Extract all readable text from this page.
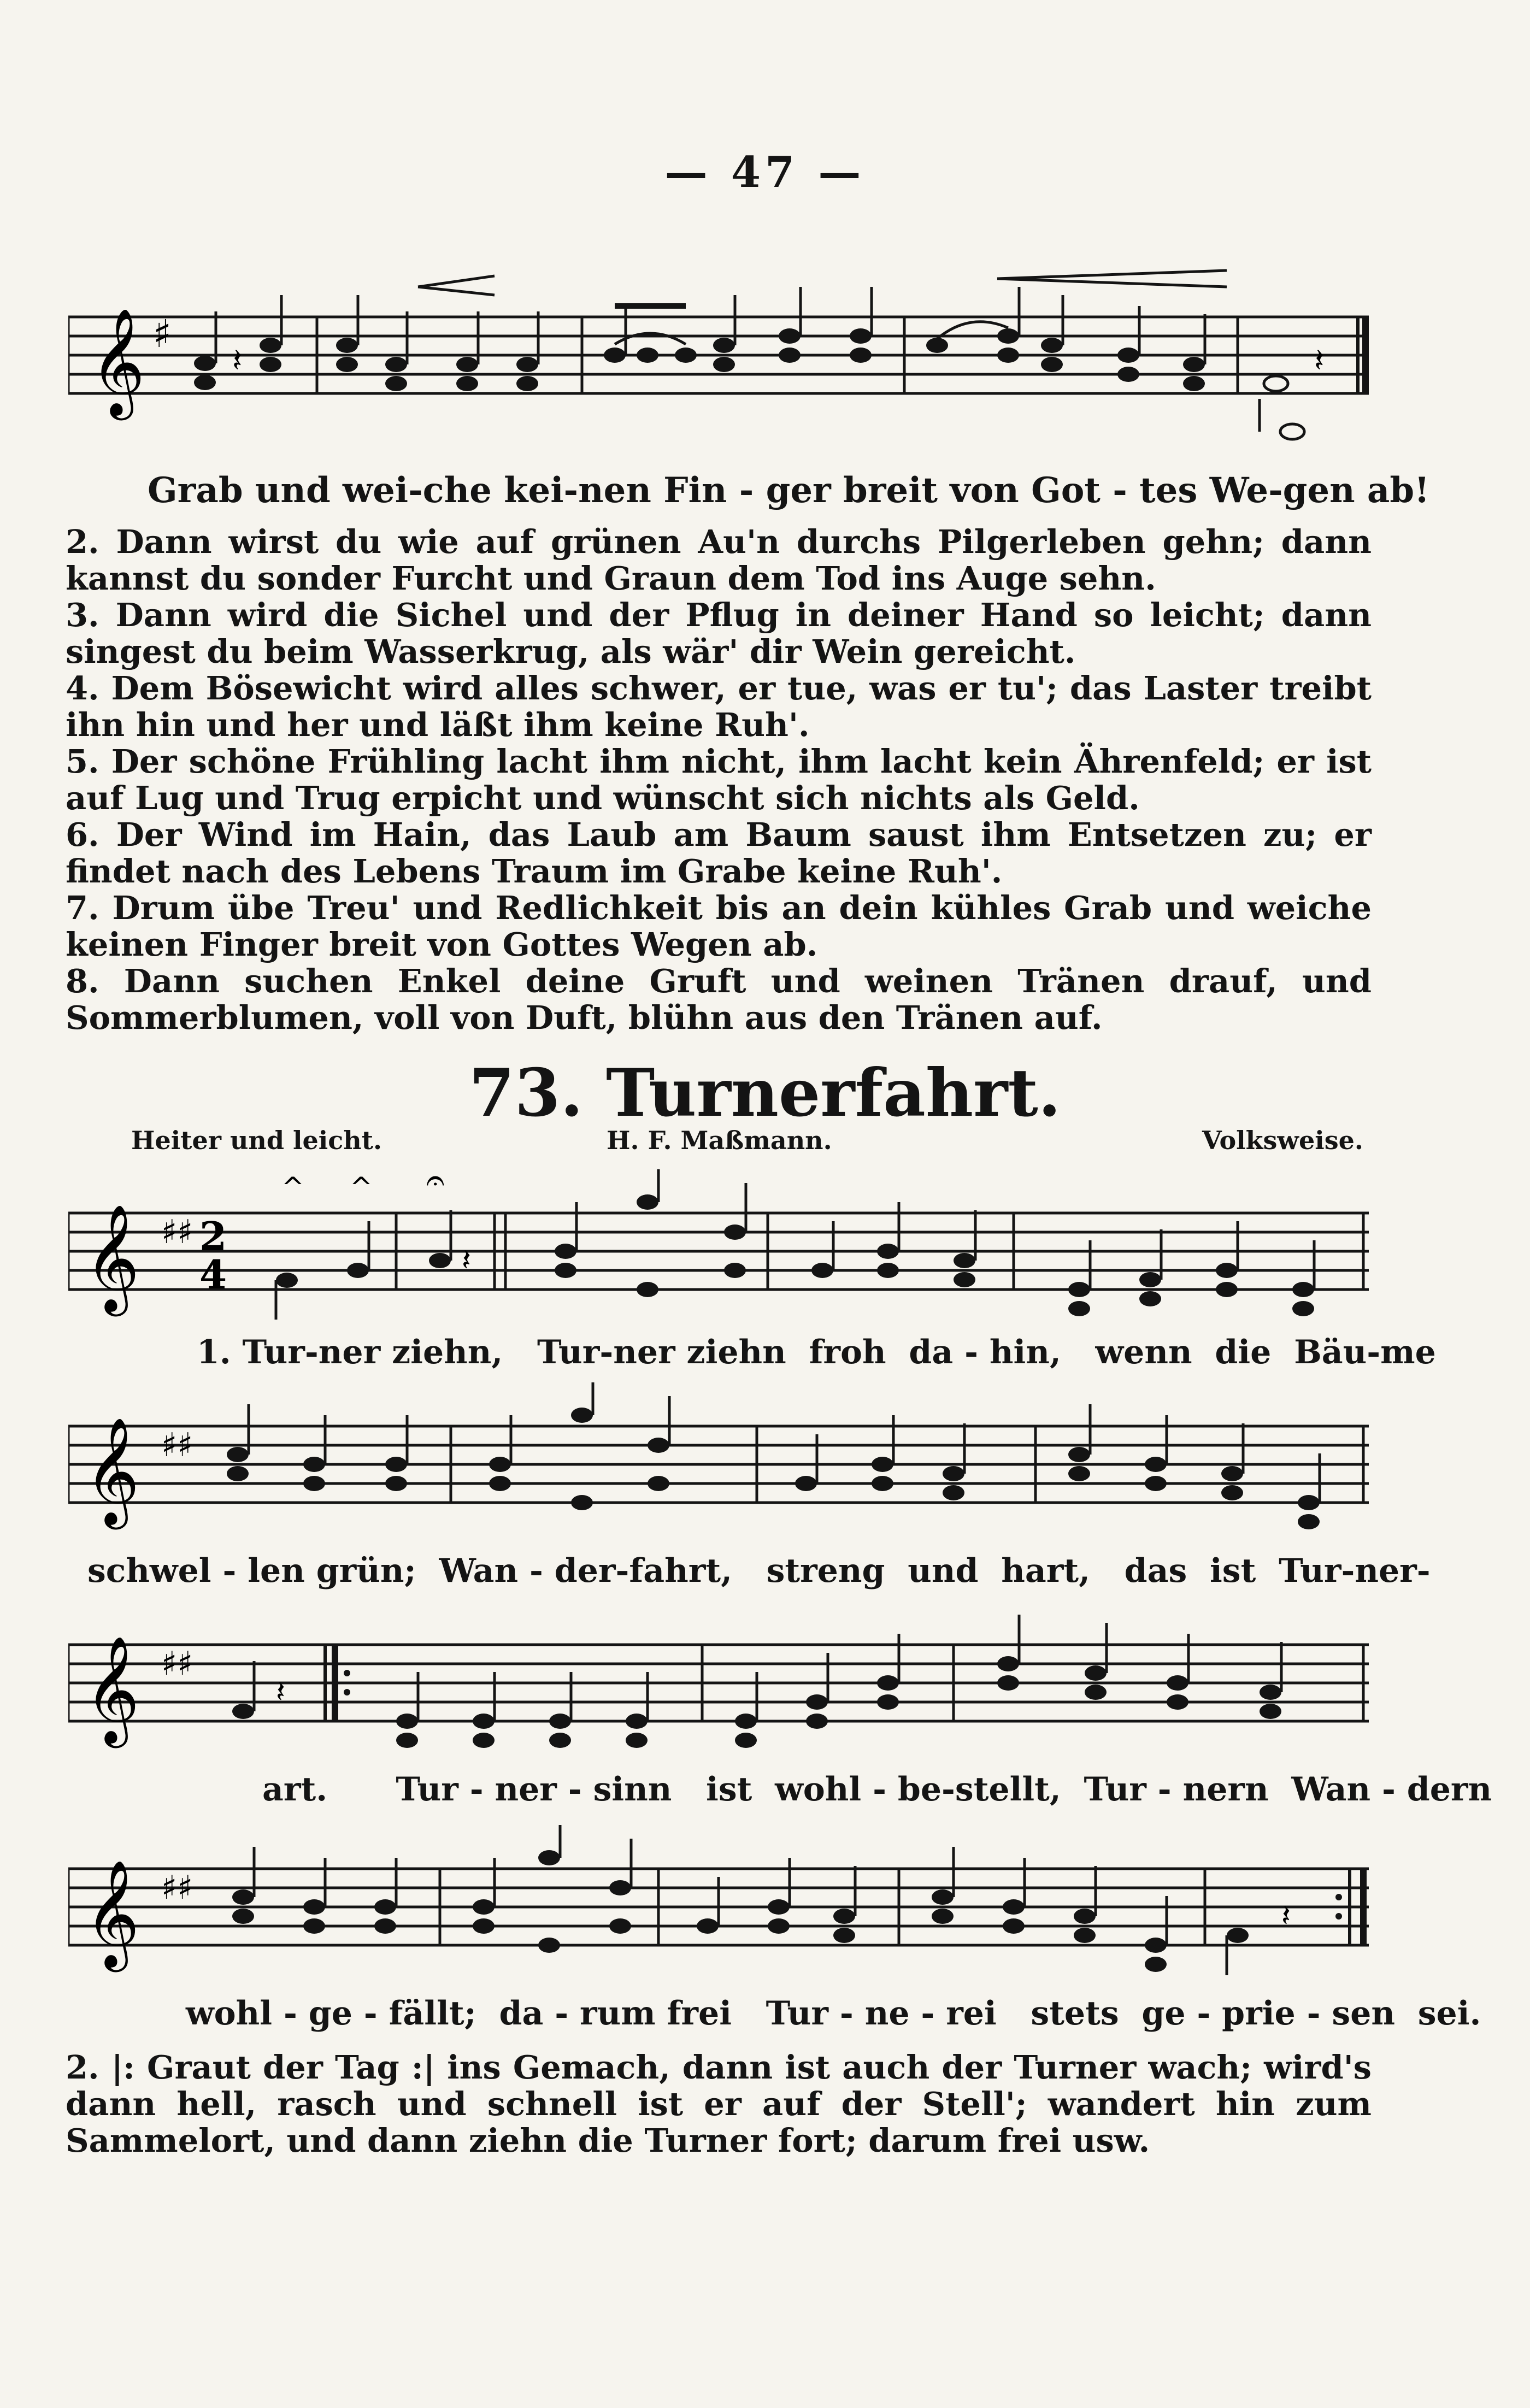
— 47 —
𝄞 ♯
𝄽	𝄽
Grab und wei-che kei-nen Fin - ger breit von Got - tes We-gen ab!
2. Dann wirst du wie auf grünen Au'n durchs Pilgerleben gehn; dann kannst du sonder Furcht und Graun dem Tod ins Auge sehn.
3. Dann wird die Sichel und der Pflug in deiner Hand so leicht; dann singest du beim Wasserkrug, als wär' dir Wein gereicht.
4. Dem Bösewicht wird alles schwer, er tue, was er tu'; das Laster treibt ihn hin und her und läßt ihm keine Ruh'.
5. Der schöne Frühling lacht ihm nicht, ihm lacht kein Ährenfeld; er ist auf Lug und Trug erpicht und wünscht sich nichts als Geld.
6. Der Wind im Hain, das Laub am Baum saust ihm Entsetzen zu; er findet nach des Lebens Traum im Grabe keine Ruh'.
7. Drum übe Treu' und Redlichkeit bis an dein kühles Grab und weiche keinen Finger breit von Gottes Wegen ab.
8. Dann suchen Enkel deine Gruft und weinen Tränen drauf, und Sommerblumen, voll von Duft, blühn aus den Tränen auf.
73. Turnerfahrt.
Heiter und leicht.	H. F. Maßmann.	Volksweise.
𝄞 ♯♯ 2
4
^ ^ 𝄐
𝄽
1. Tur-ner ziehn,   Tur-ner ziehn  froh  da - hin,   wenn  die  Bäu-me
𝄞 ♯♯
schwel - len grün;  Wan - der-fahrt,   streng  und  hart,   das  ist  Tur-ner-
𝄞 ♯♯
𝄽
art.      Tur - ner - sinn   ist  wohl - be-stellt,  Tur - nern  Wan - dern
𝄞 ♯♯
𝄽
wohl - ge - fällt;  da - rum frei   Tur - ne - rei   stets  ge - prie - sen  sei.
2. |: Graut der Tag :| ins Gemach, dann ist auch der Turner wach; wird's dann hell, rasch und schnell ist er auf der Stell'; wandert hin zum Sammelort, und dann ziehn die Turner fort; darum frei usw.
